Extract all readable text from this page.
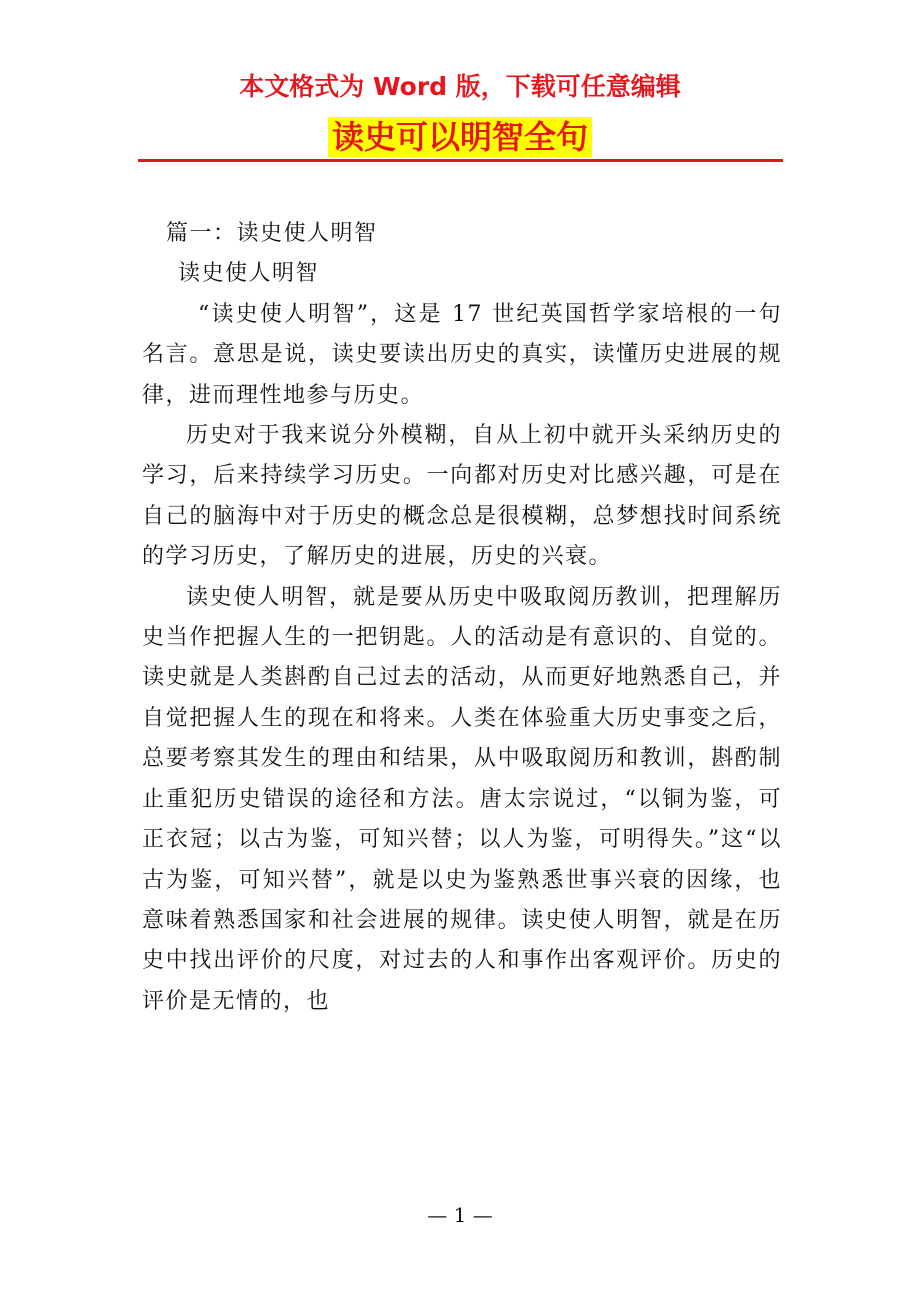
本文格式为 Word 版，下载可任意编辑
读史可以明智全句

篇一：读史使人明智

读史使人明智

“读史使人明智”，这是 17 世纪英国哲学家培根的一句名言。意思是说，读史要读出历史的真实，读懂历史进展的规律，进而理性地参与历史。

历史对于我来说分外模糊，自从上初中就开头采纳历史的学习，后来持续学习历史。一向都对历史对比感兴趣，可是在自己的脑海中对于历史的概念总是很模糊，总梦想找时间系统的学习历史，了解历史的进展，历史的兴衰。

读史使人明智，就是要从历史中吸取阅历教训，把理解历史当作把握人生的一把钥匙。人的活动是有意识的、自觉的。读史就是人类斟酌自己过去的活动，从而更好地熟悉自己，并自觉把握人生的现在和将来。人类在体验重大历史事变之后，总要考察其发生的理由和结果，从中吸取阅历和教训，斟酌制止重犯历史错误的途径和方法。唐太宗说过，“以铜为鉴，可正衣冠；以古为鉴，可知兴替；以人为鉴，可明得失。”这“以古为鉴，可知兴替”，就是以史为鉴熟悉世事兴衰的因缘，也意味着熟悉国家和社会进展的规律。读史使人明智，就是在历史中找出评价的尺度，对过去的人和事作出客观评价。历史的评价是无情的，也

— 1 —
